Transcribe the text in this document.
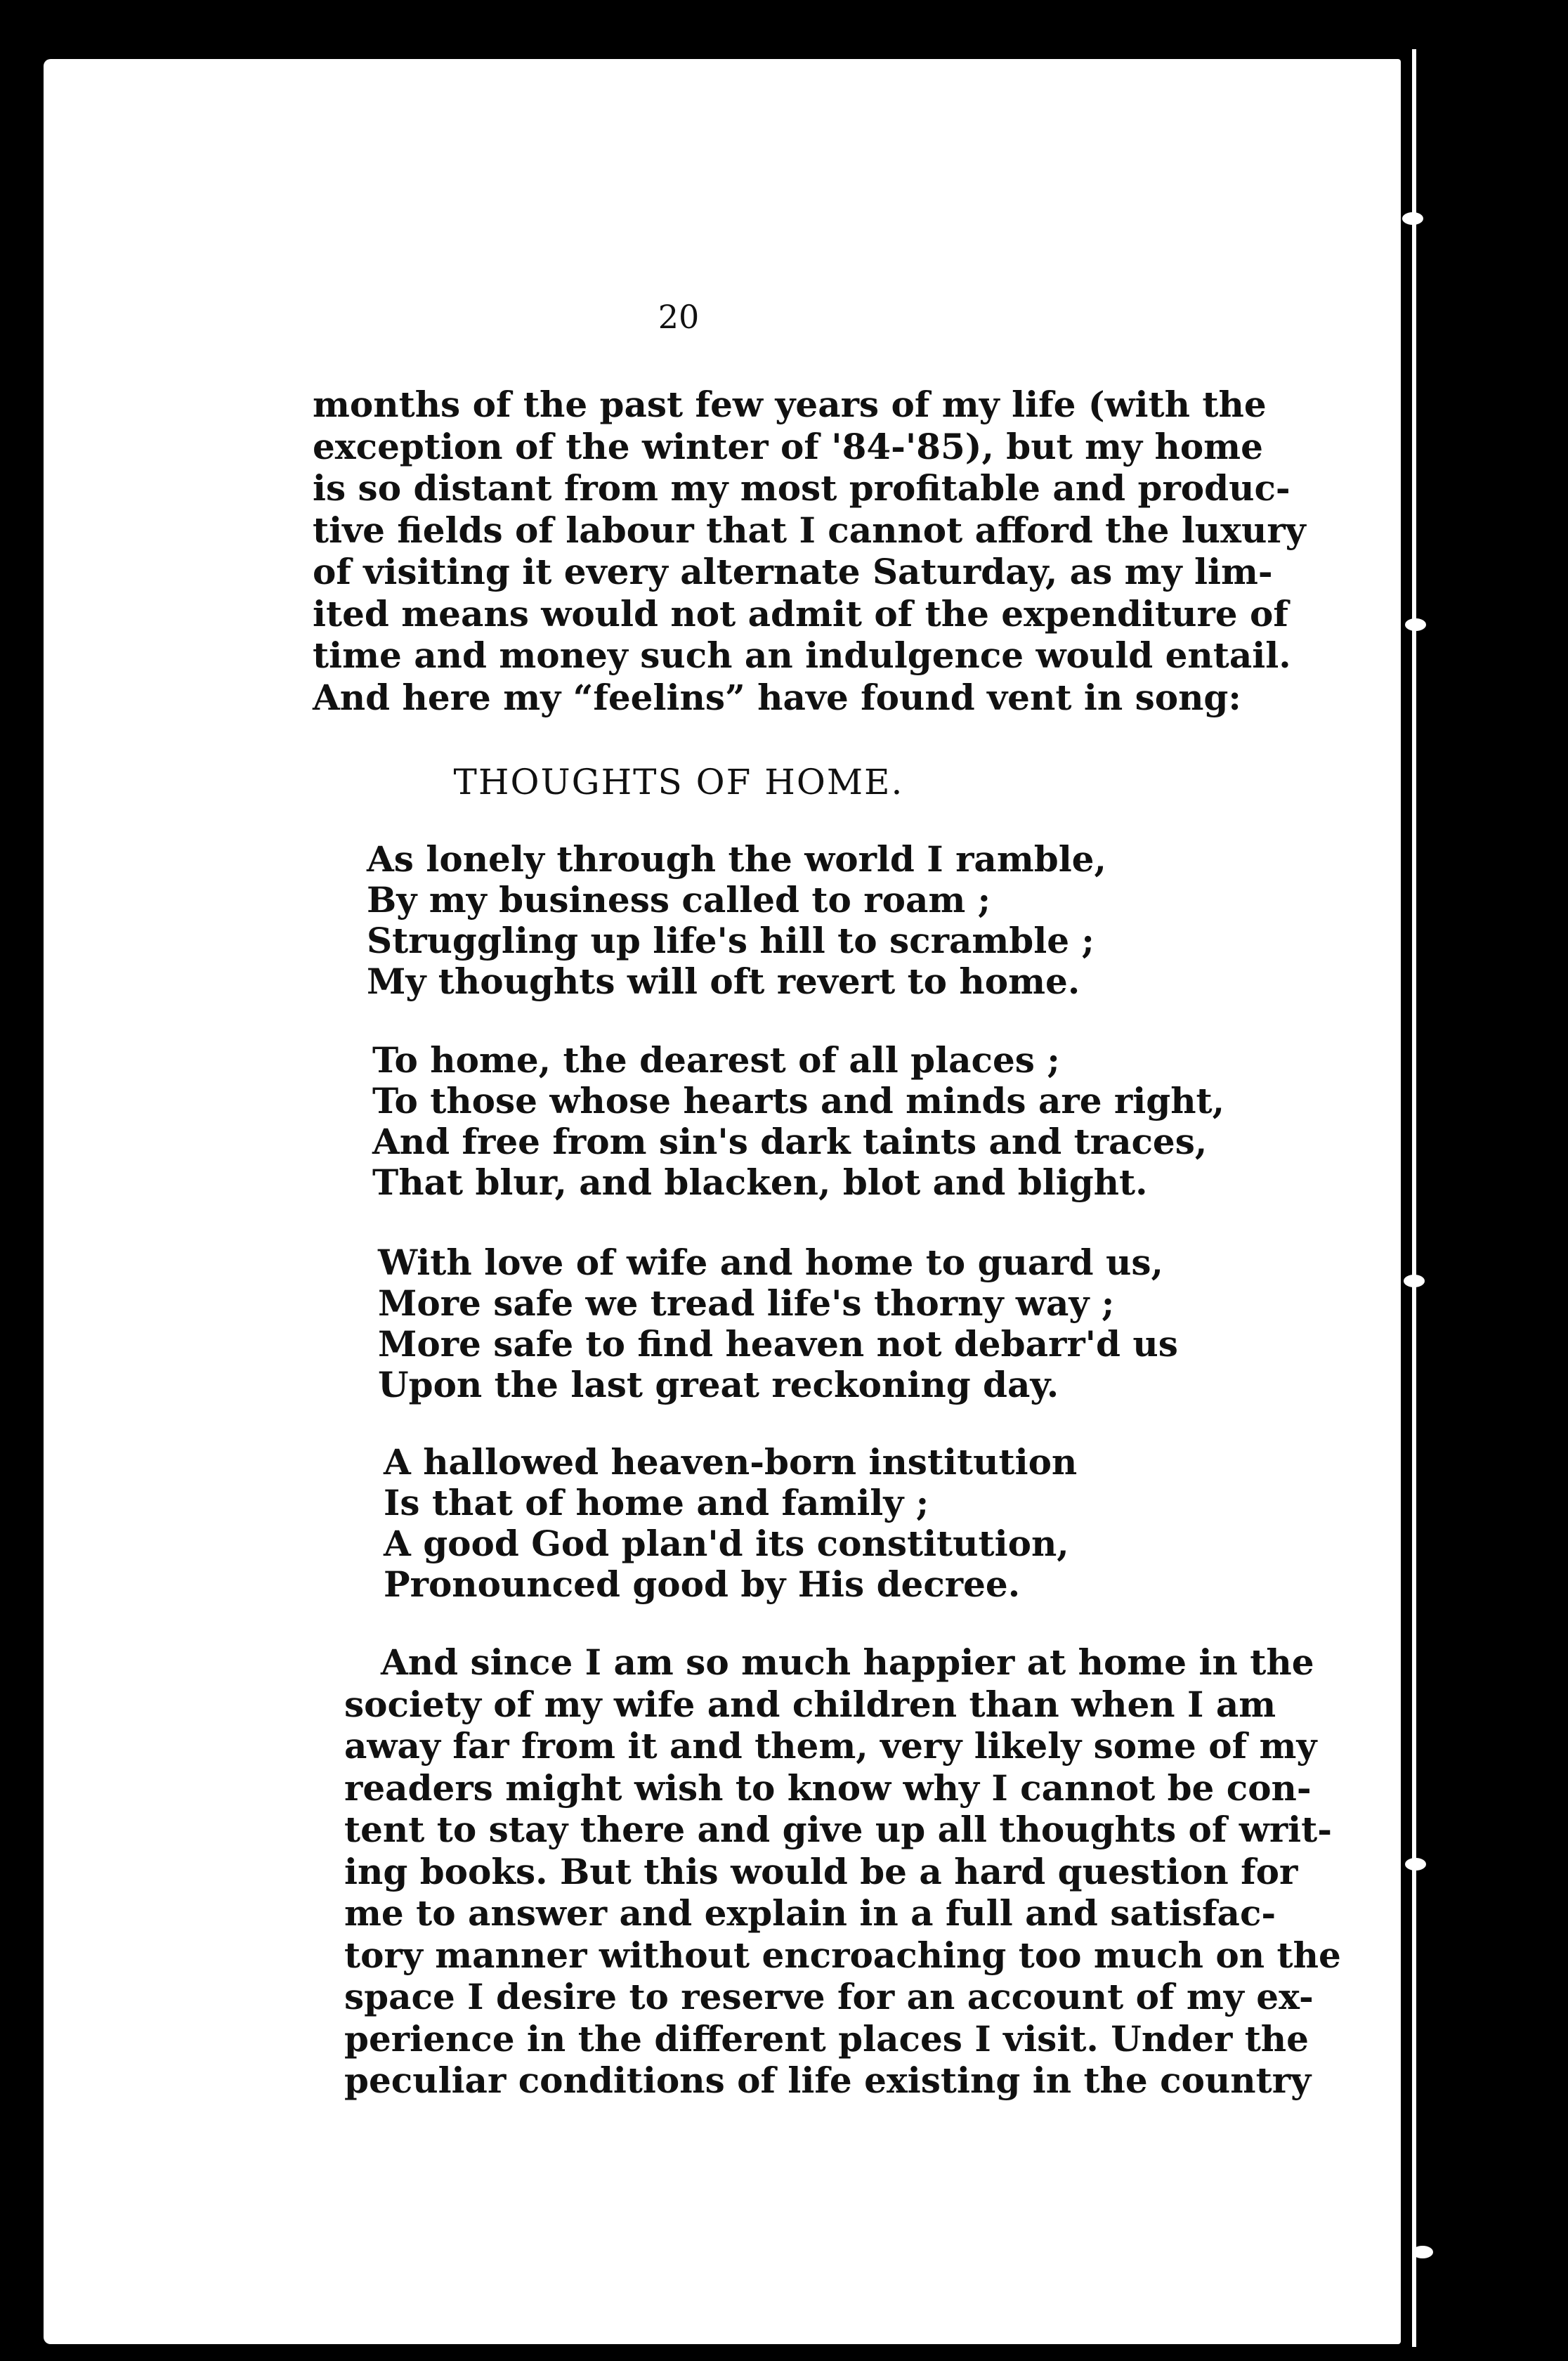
20
months of the past few years of my life (with the
exception of the winter of '84-'85), but my home
is so distant from my most profitable and produc-
tive fields of labour that I cannot afford the luxury
of visiting it every alternate Saturday, as my lim-
ited means would not admit of the expenditure of
time and money such an indulgence would entail.
And here my “feelins” have found vent in song:
THOUGHTS OF HOME.
As lonely through the world I ramble,
By my business called to roam ;
Struggling up life's hill to scramble ;
My thoughts will oft revert to home.
To home, the dearest of all places ;
To those whose hearts and minds are right,
And free from sin's dark taints and traces,
That blur, and blacken, blot and blight.
With love of wife and home to guard us,
More safe we tread life's thorny way ;
More safe to find heaven not debarr'd us
Upon the last great reckoning day.
A hallowed heaven-born institution
Is that of home and family ;
A good God plan'd its constitution,
Pronounced good by His decree.
And since I am so much happier at home in the
society of my wife and children than when I am
away far from it and them, very likely some of my
readers might wish to know why I cannot be con-
tent to stay there and give up all thoughts of writ-
ing books. But this would be a hard question for
me to answer and explain in a full and satisfac-
tory manner without encroaching too much on the
space I desire to reserve for an account of my ex-
perience in the different places I visit. Under the
peculiar conditions of life existing in the country
